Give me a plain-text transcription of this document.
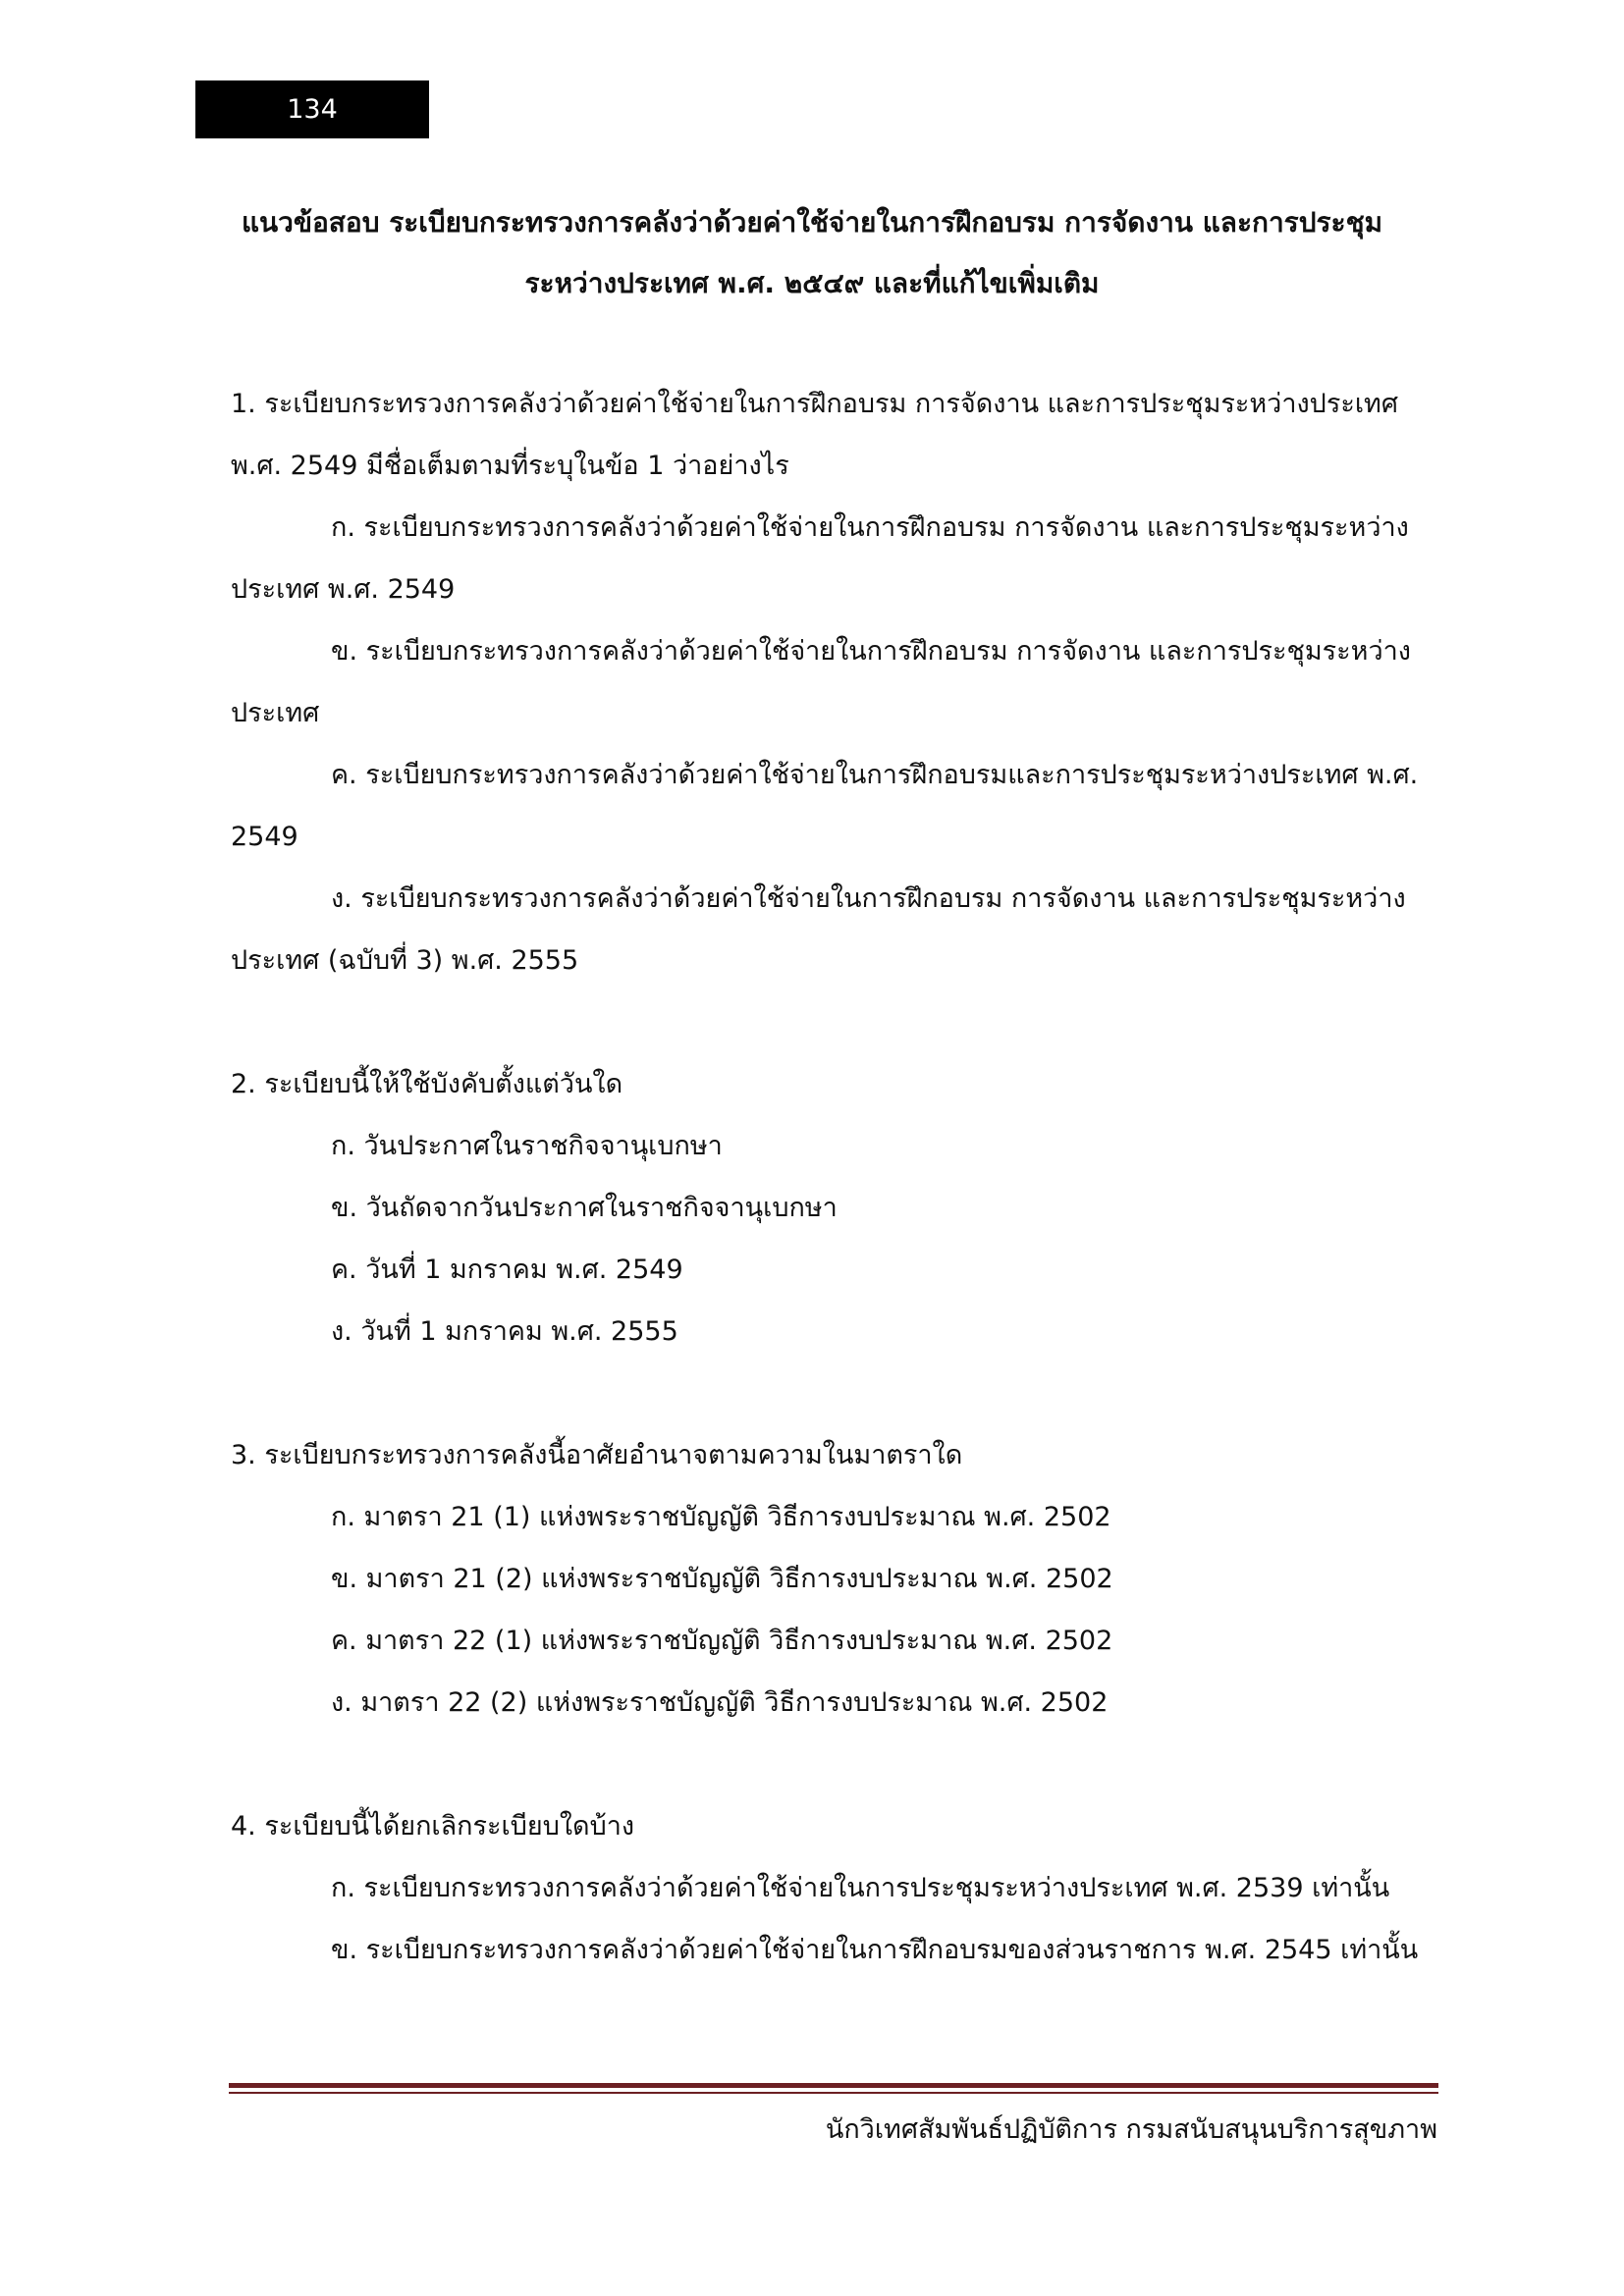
134
แนวข้อสอบ ระเบียบกระทรวงการคลังว่าด้วยค่าใช้จ่ายในการฝึกอบรม การจัดงาน และการประชุม
ระหว่างประเทศ พ.ศ. ๒๕๔๙ และที่แก้ไขเพิ่มเติม
1. ระเบียบกระทรวงการคลังว่าด้วยค่าใช้จ่ายในการฝึกอบรม การจัดงาน และการประชุมระหว่างประเทศ พ.ศ. 2549 มีชื่อเต็มตามที่ระบุในข้อ 1 ว่าอย่างไร
ก. ระเบียบกระทรวงการคลังว่าด้วยค่าใช้จ่ายในการฝึกอบรม การจัดงาน และการประชุมระหว่างประเทศ พ.ศ. 2549
ข. ระเบียบกระทรวงการคลังว่าด้วยค่าใช้จ่ายในการฝึกอบรม การจัดงาน และการประชุมระหว่างประเทศ
ค. ระเบียบกระทรวงการคลังว่าด้วยค่าใช้จ่ายในการฝึกอบรมและการประชุมระหว่างประเทศ พ.ศ. 2549
ง. ระเบียบกระทรวงการคลังว่าด้วยค่าใช้จ่ายในการฝึกอบรม การจัดงาน และการประชุมระหว่างประเทศ (ฉบับที่ 3) พ.ศ. 2555
2. ระเบียบนี้ให้ใช้บังคับตั้งแต่วันใด
ก. วันประกาศในราชกิจจานุเบกษา
ข. วันถัดจากวันประกาศในราชกิจจานุเบกษา
ค. วันที่ 1 มกราคม พ.ศ. 2549
ง. วันที่ 1 มกราคม พ.ศ. 2555
3. ระเบียบกระทรวงการคลังนี้อาศัยอำนาจตามความในมาตราใด
ก. มาตรา 21 (1) แห่งพระราชบัญญัติ วิธีการงบประมาณ พ.ศ. 2502
ข. มาตรา 21 (2) แห่งพระราชบัญญัติ วิธีการงบประมาณ พ.ศ. 2502
ค. มาตรา 22 (1) แห่งพระราชบัญญัติ วิธีการงบประมาณ พ.ศ. 2502
ง. มาตรา 22 (2) แห่งพระราชบัญญัติ วิธีการงบประมาณ พ.ศ. 2502
4. ระเบียบนี้ได้ยกเลิกระเบียบใดบ้าง
ก. ระเบียบกระทรวงการคลังว่าด้วยค่าใช้จ่ายในการประชุมระหว่างประเทศ พ.ศ. 2539 เท่านั้น
ข. ระเบียบกระทรวงการคลังว่าด้วยค่าใช้จ่ายในการฝึกอบรมของส่วนราชการ พ.ศ. 2545 เท่านั้น
นักวิเทศสัมพันธ์ปฏิบัติการ กรมสนับสนุนบริการสุขภาพ
